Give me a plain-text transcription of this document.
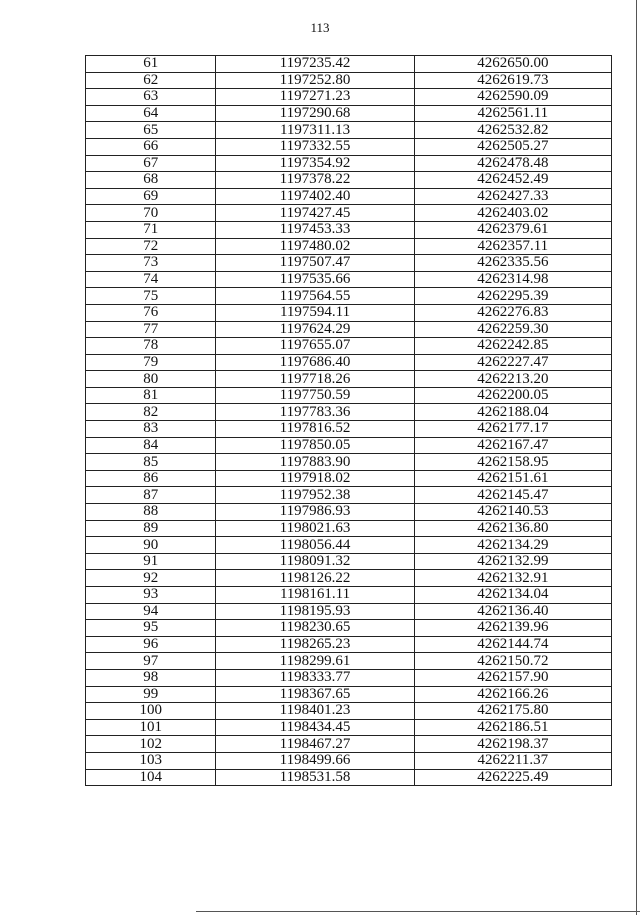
113
61	1197235.42	4262650.00
62	1197252.80	4262619.73
63	1197271.23	4262590.09
64	1197290.68	4262561.11
65	1197311.13	4262532.82
66	1197332.55	4262505.27
67	1197354.92	4262478.48
68	1197378.22	4262452.49
69	1197402.40	4262427.33
70	1197427.45	4262403.02
71	1197453.33	4262379.61
72	1197480.02	4262357.11
73	1197507.47	4262335.56
74	1197535.66	4262314.98
75	1197564.55	4262295.39
76	1197594.11	4262276.83
77	1197624.29	4262259.30
78	1197655.07	4262242.85
79	1197686.40	4262227.47
80	1197718.26	4262213.20
81	1197750.59	4262200.05
82	1197783.36	4262188.04
83	1197816.52	4262177.17
84	1197850.05	4262167.47
85	1197883.90	4262158.95
86	1197918.02	4262151.61
87	1197952.38	4262145.47
88	1197986.93	4262140.53
89	1198021.63	4262136.80
90	1198056.44	4262134.29
91	1198091.32	4262132.99
92	1198126.22	4262132.91
93	1198161.11	4262134.04
94	1198195.93	4262136.40
95	1198230.65	4262139.96
96	1198265.23	4262144.74
97	1198299.61	4262150.72
98	1198333.77	4262157.90
99	1198367.65	4262166.26
100	1198401.23	4262175.80
101	1198434.45	4262186.51
102	1198467.27	4262198.37
103	1198499.66	4262211.37
104	1198531.58	4262225.49
